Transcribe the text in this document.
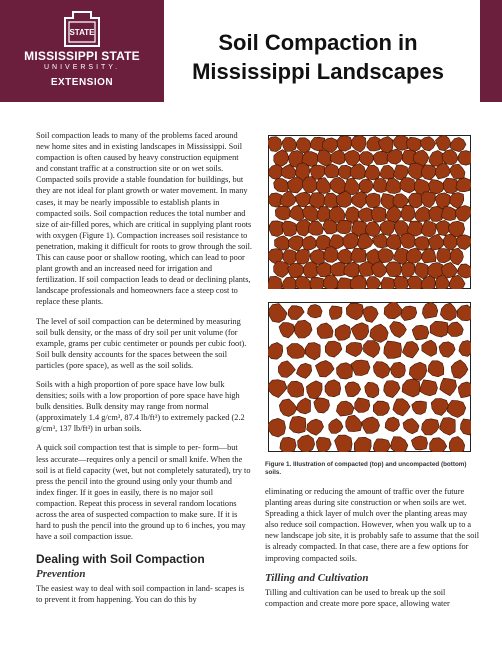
STATE
MISSISSIPPI STATE
UNIVERSITY.
EXTENSION
Soil Compaction in
Mississippi Landscapes

Soil compaction leads to many of the problems faced around new home sites and in existing landscapes in Mississippi. Soil compaction is often caused by heavy construction equipment and constant traffic at a construction site or on wet soils. Compacted soils provide a stable foundation for buildings, but they are not ideal for plant growth or water movement. In many cases, it may be nearly impossible to establish plants in compacted soils. Soil compaction reduces the total number and size of air-filled pores, which are critical in supplying plant roots with oxygen (Figure 1). Compaction increases soil resistance to penetration, making it difficult for roots to grow through the soil. This can cause poor or shallow rooting, which can lead to poor plant growth and an increased need for irrigation and fertilization. If soil compaction leads to dead or declining plants, landscape professionals and homeowners face a steep cost to replace these plants.

The level of soil compaction can be determined by measuring soil bulk density, or the mass of dry soil per unit volume (for example, grams per cubic centimeter or pounds per cubic foot). Soil bulk density accounts for the spaces between the soil particles (pore space), as well as the soil solids.

Soils with a high proportion of pore space have low bulk densities; soils with a low proportion of pore space have high bulk densities. Bulk density may range from normal (approximately 1.4 g/cm³, 87.4 lb/ft³) to extremely packed (2.2 g/cm³, 137 lb/ft³) in urban soils.

A quick soil compaction test that is simple to per- form—but less accurate—requires only a pencil or small knife. When the soil is at field capacity (wet, but not completely saturated), try to press the pencil into the ground using only your thumb and index finger. If it goes in easily, there is no major soil compaction. Repeat this process in several random locations across the area of suspected compaction to make sure. If it is hard to push the pencil into the ground up to 6 inches, you may have a soil compaction issue.

Dealing with Soil Compaction
Prevention

The easiest way to deal with soil compaction in land- scapes is to prevent it from happening. You can do this by

Figure 1. Illustration of compacted (top) and uncompacted (bottom) soils.

eliminating or reducing the amount of traffic over the future planting areas during site construction or when soils are wet. Spreading a thick layer of mulch over the planting areas may also reduce soil compaction. However, when you walk up to a new landscape job site, it is probably safe to assume that the soil is already compacted. In that case, there are a few options for improving compacted soils.

Tilling and Cultivation

Tilling and cultivation can be used to break up the soil compaction and create more pore space, allowing water
